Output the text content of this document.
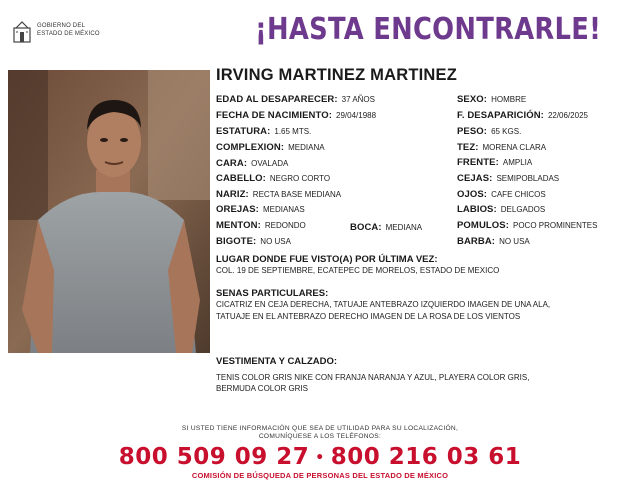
GOBIERNO DEL
ESTADO DE MÉXICO	¡HASTA ENCONTRARLE!
IRVING MARTINEZ MARTINEZ
EDAD AL DESAPARECER: 37 AÑOS
FECHA DE NACIMIENTO: 29/04/1988
ESTATURA: 1.65 MTS.
COMPLEXION: MEDIANA
CARA: OVALADA
CABELLO: NEGRO CORTO
NARIZ: RECTA BASE MEDIANA
OREJAS: MEDIANAS
MENTON: REDONDO	BOCA: MEDIANA
BIGOTE: NO USA
SEXO: HOMBRE
F. DESAPARICIÓN: 22/06/2025
PESO: 65 KGS.
TEZ: MORENA CLARA
FRENTE: AMPLIA
CEJAS: SEMIPOBLADAS
OJOS: CAFE CHICOS
LABIOS: DELGADOS
POMULOS: POCO PROMINENTES
BARBA: NO USA
LUGAR DONDE FUE VISTO(A) POR ÚLTIMA VEZ:
COL. 19 DE SEPTIEMBRE, ECATEPEC DE MORELOS, ESTADO DE MEXICO
SENAS PARTICULARES:
CICATRIZ EN CEJA DERECHA, TATUAJE ANTEBRAZO IZQUIERDO IMAGEN DE UNA ALA,
TATUAJE EN EL ANTEBRAZO DERECHO IMAGEN DE LA ROSA DE LOS VIENTOS
VESTIMENTA Y CALZADO:
TENIS COLOR GRIS NIKE CON FRANJA NARANJA Y AZUL, PLAYERA COLOR GRIS,
BERMUDA COLOR GRIS
SI USTED TIENE INFORMACIÓN QUE SEA DE UTILIDAD PARA SU LOCALIZACIÓN,
COMUNÍQUESE A LOS TELÉFONOS:
800 509 09 27 • 800 216 03 61
COMISIÓN DE BÚSQUEDA DE PERSONAS DEL ESTADO DE MÉXICO
